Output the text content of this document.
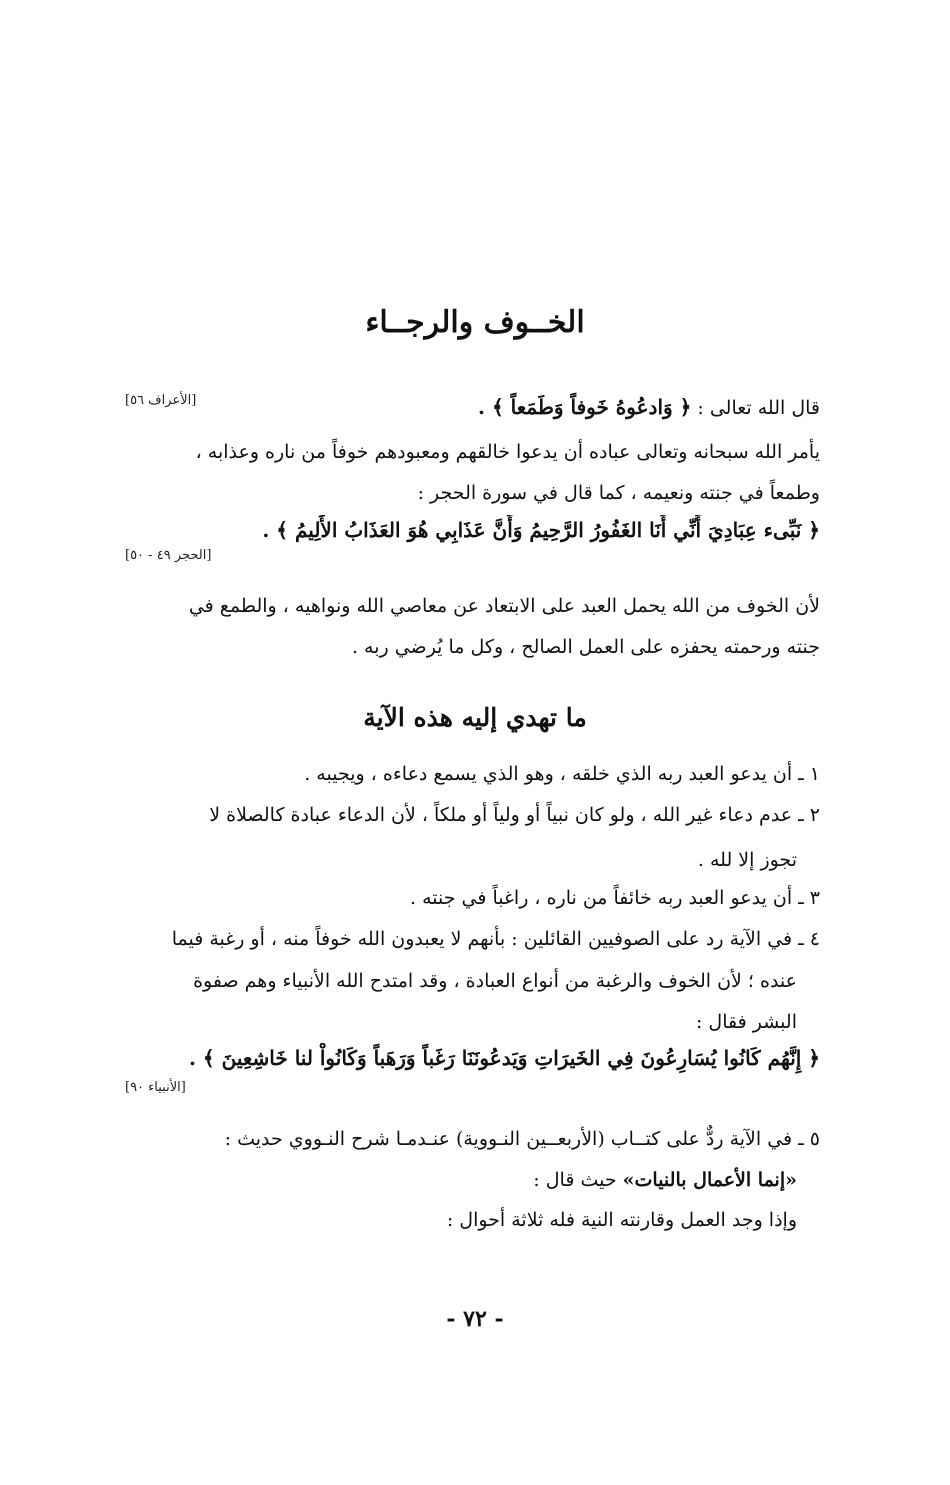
الخــوف والرجــاء
قال الله تعالى : ﴿ وَادعُوهُ خَوفاً وَطَمَعاً ﴾ .
[الأعراف ٥٦]
يأمر الله سبحانه وتعالى عباده أن يدعوا خالقهم ومعبودهم خوفاً من ناره وعذابه ،
وطمعاً في جنته ونعيمه ، كما قال في سورة الحجر :
﴿ نَبِّىء عِبَادِيَ أَنِّي أَنَا الغَفُورُ الرَّحِيمُ وَأَنَّ عَذَابِي هُوَ العَذَابُ الأَلِيمُ ﴾ .
[الحجر ٤٩ - ٥٠]
لأن الخوف من الله يحمل العبد على الابتعاد عن معاصي الله ونواهيه ، والطمع في
جنته ورحمته يحفزه على العمل الصالح ، وكل ما يُرضي ربه .
ما تهدي إليه هذه الآية
١ ـ أن يدعو العبد ربه الذي خلقه ، وهو الذي يسمع دعاءه ، ويجيبه .
٢ ـ عدم دعاء غير الله ، ولو كان نبياً أو ولياً أو ملكاً ، لأن الدعاء عبادة كالصلاة لا
تجوز إلا لله .
٣ ـ أن يدعو العبد ربه خائفاً من ناره ، راغباً في جنته .
٤ ـ في الآية رد على الصوفيين القائلين : بأنهم لا يعبدون الله خوفاً منه ، أو رغبة فيما
عنده ؛ لأن الخوف والرغبة من أنواع العبادة ، وقد امتدح الله الأنبياء وهم صفوة
البشر فقال :
﴿ إِنَّهُم كَانُوا يُسَارِعُونَ فِي الخَيرَاتِ وَيَدعُونَنَا رَغَباً وَرَهَباً وَكَانُواْ لنا خَاشِعِينَ ﴾ .
[الأنبياء ٩٠]
٥ ـ في الآية ردٌّ على كتــاب (الأربعــين النـووية) عنـدمـا شرح النـووي حديث :
«إنما الأعمال بالنيات» حيث قال :
وإذا وجد العمل وقارنته النية فله ثلاثة أحوال :
- ٧٢ -
